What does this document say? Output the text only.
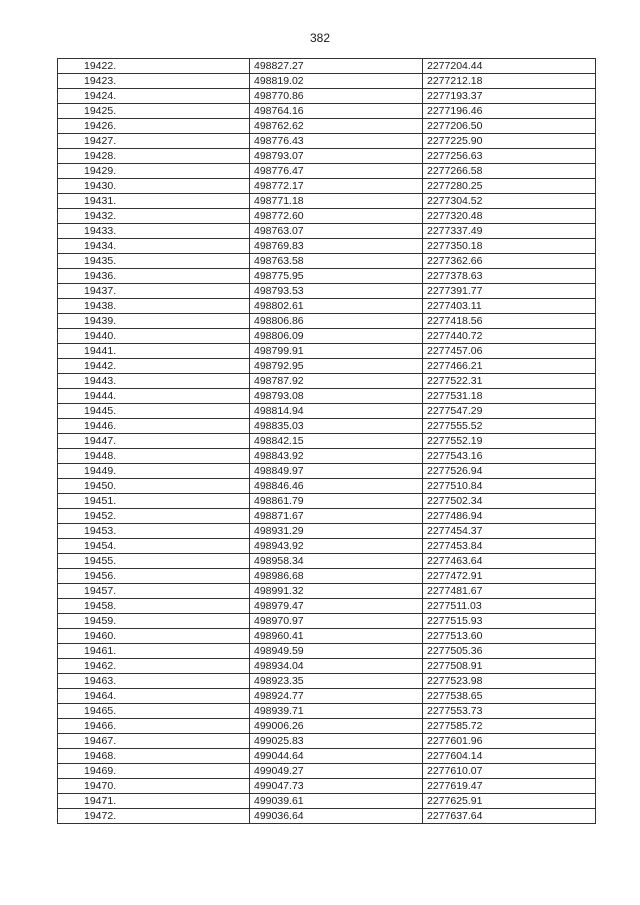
382
19422.	498827.27	2277204.44
19423.	498819.02	2277212.18
19424.	498770.86	2277193.37
19425.	498764.16	2277196.46
19426.	498762.62	2277206.50
19427.	498776.43	2277225.90
19428.	498793.07	2277256.63
19429.	498776.47	2277266.58
19430.	498772.17	2277280.25
19431.	498771.18	2277304.52
19432.	498772.60	2277320.48
19433.	498763.07	2277337.49
19434.	498769.83	2277350.18
19435.	498763.58	2277362.66
19436.	498775.95	2277378.63
19437.	498793.53	2277391.77
19438.	498802.61	2277403.11
19439.	498806.86	2277418.56
19440.	498806.09	2277440.72
19441.	498799.91	2277457.06
19442.	498792.95	2277466.21
19443.	498787.92	2277522.31
19444.	498793.08	2277531.18
19445.	498814.94	2277547.29
19446.	498835.03	2277555.52
19447.	498842.15	2277552.19
19448.	498843.92	2277543.16
19449.	498849.97	2277526.94
19450.	498846.46	2277510.84
19451.	498861.79	2277502.34
19452.	498871.67	2277486.94
19453.	498931.29	2277454.37
19454.	498943.92	2277453.84
19455.	498958.34	2277463.64
19456.	498986.68	2277472.91
19457.	498991.32	2277481.67
19458.	498979.47	2277511.03
19459.	498970.97	2277515.93
19460.	498960.41	2277513.60
19461.	498949.59	2277505.36
19462.	498934.04	2277508.91
19463.	498923.35	2277523.98
19464.	498924.77	2277538.65
19465.	498939.71	2277553.73
19466.	499006.26	2277585.72
19467.	499025.83	2277601.96
19468.	499044.64	2277604.14
19469.	499049.27	2277610.07
19470.	499047.73	2277619.47
19471.	499039.61	2277625.91
19472.	499036.64	2277637.64
